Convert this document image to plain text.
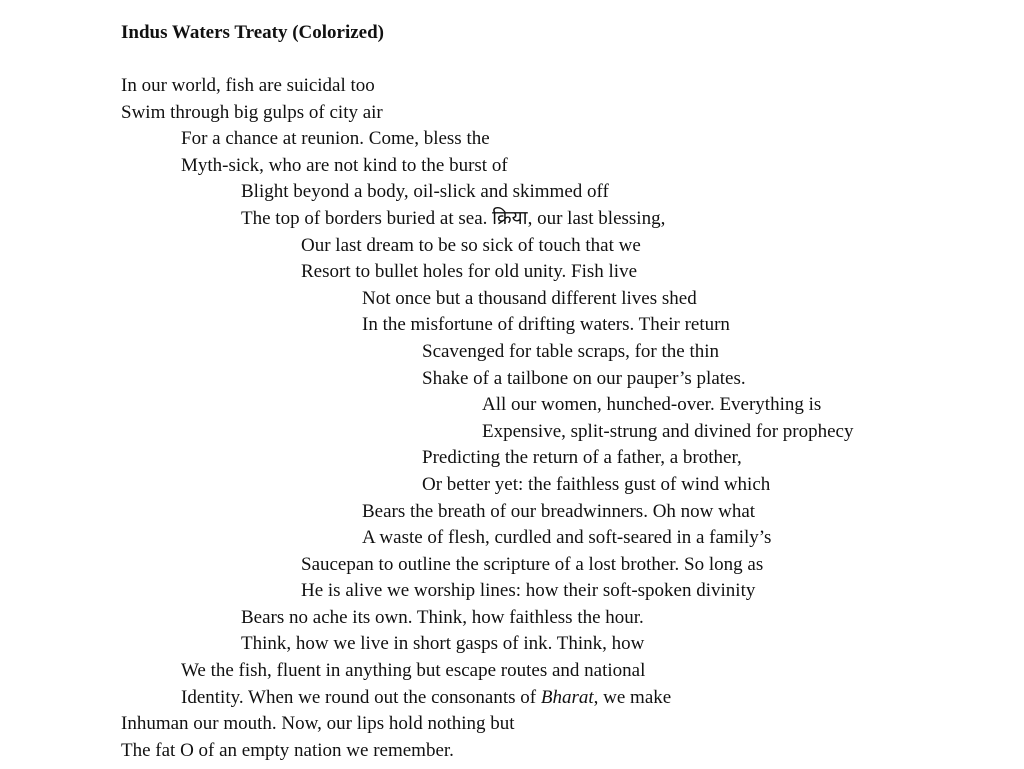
Indus Waters Treaty (Colorized)
In our world, fish are suicidal too
Swim through big gulps of city air
For a chance at reunion. Come, bless the
Myth-sick, who are not kind to the burst of
Blight beyond a body, oil-slick and skimmed off
The top of borders buried at sea. क्रिया, our last blessing,
Our last dream to be so sick of touch that we
Resort to bullet holes for old unity. Fish live
Not once but a thousand different lives shed
In the misfortune of drifting waters. Their return
Scavenged for table scraps, for the thin
Shake of a tailbone on our pauper’s plates.
All our women, hunched-over. Everything is
Expensive, split-strung and divined for prophecy
Predicting the return of a father, a brother,
Or better yet: the faithless gust of wind which
Bears the breath of our breadwinners. Oh now what
A waste of flesh, curdled and soft-seared in a family’s
Saucepan to outline the scripture of a lost brother. So long as
He is alive we worship lines: how their soft-spoken divinity
Bears no ache its own. Think, how faithless the hour.
Think, how we live in short gasps of ink. Think, how
We the fish, fluent in anything but escape routes and national
Identity. When we round out the consonants of Bharat, we make
Inhuman our mouth. Now, our lips hold nothing but
The fat O of an empty nation we remember.
